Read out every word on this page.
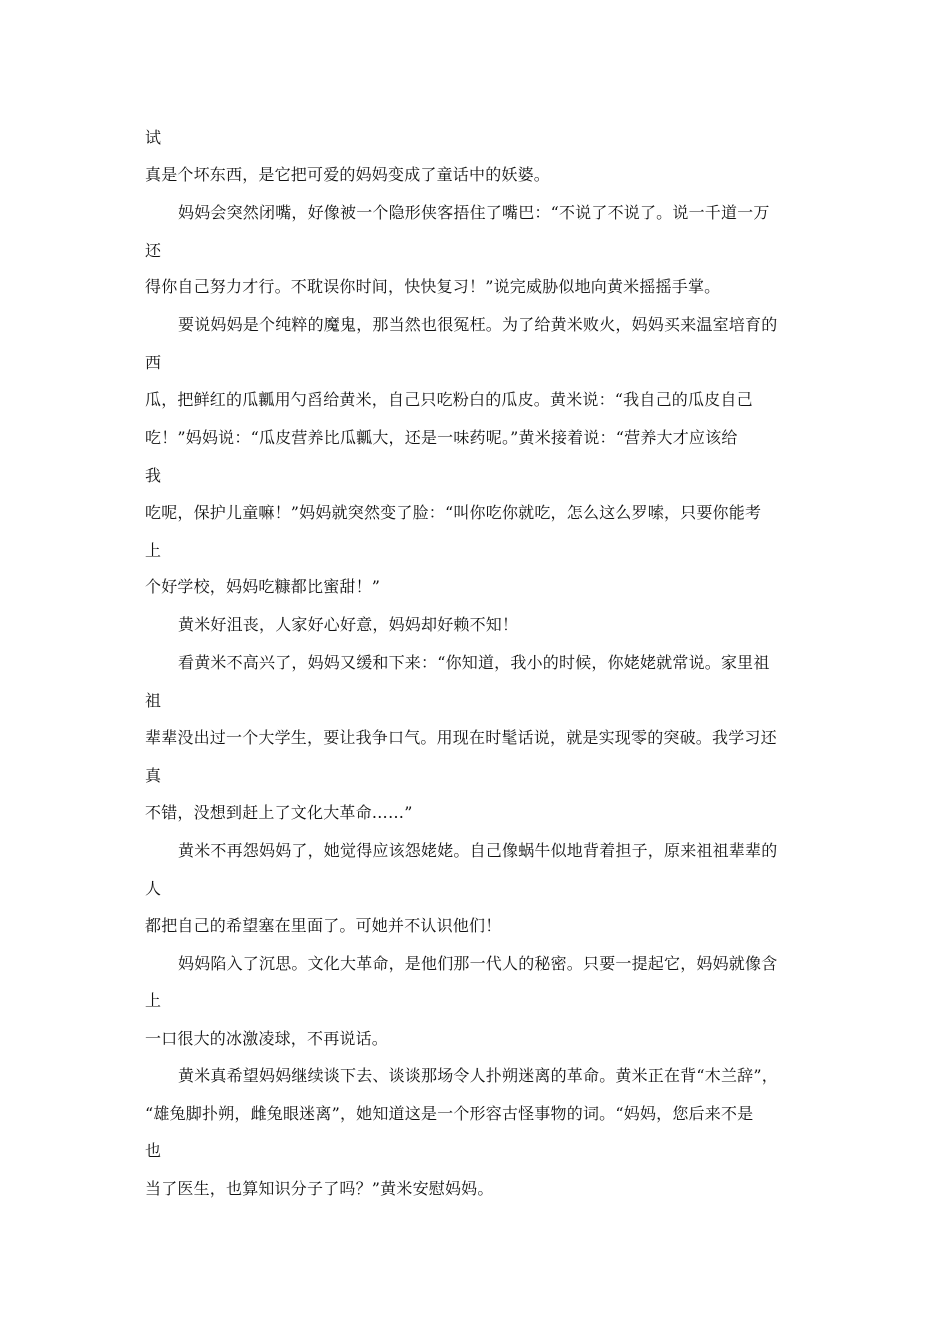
试
真是个坏东西，是它把可爱的妈妈变成了童话中的妖婆。
妈妈会突然闭嘴，好像被一个隐形侠客捂住了嘴巴：“不说了不说了。说一千道一万
还
得你自己努力才行。不耽误你时间，快快复习！”说完威胁似地向黄米摇摇手掌。
要说妈妈是个纯粹的魔鬼，那当然也很冤枉。为了给黄米败火，妈妈买来温室培育的
西
瓜，把鲜红的瓜瓤用勺舀给黄米，自己只吃粉白的瓜皮。黄米说：“我自己的瓜皮自己
吃！”妈妈说：“瓜皮营养比瓜瓤大，还是一味药呢。”黄米接着说：“营养大才应该给
我
吃呢，保护儿童嘛！”妈妈就突然变了脸：“叫你吃你就吃，怎么这么罗嗦，只要你能考
上
个好学校，妈妈吃糠都比蜜甜！”
黄米好沮丧，人家好心好意，妈妈却好赖不知！
看黄米不高兴了，妈妈又缓和下来：“你知道，我小的时候，你姥姥就常说。家里祖
祖
辈辈没出过一个大学生，要让我争口气。用现在时髦话说，就是实现零的突破。我学习还
真
不错，没想到赶上了文化大革命……”
黄米不再怨妈妈了，她觉得应该怨姥姥。自己像蜗牛似地背着担子，原来祖祖辈辈的
人
都把自己的希望塞在里面了。可她并不认识他们！
妈妈陷入了沉思。文化大革命，是他们那一代人的秘密。只要一提起它，妈妈就像含
上
一口很大的冰激凌球，不再说话。
黄米真希望妈妈继续谈下去、谈谈那场令人扑朔迷离的革命。黄米正在背“木兰辞”，
“雄兔脚扑朔，雌兔眼迷离”，她知道这是一个形容古怪事物的词。“妈妈，您后来不是
也
当了医生，也算知识分子了吗？”黄米安慰妈妈。
